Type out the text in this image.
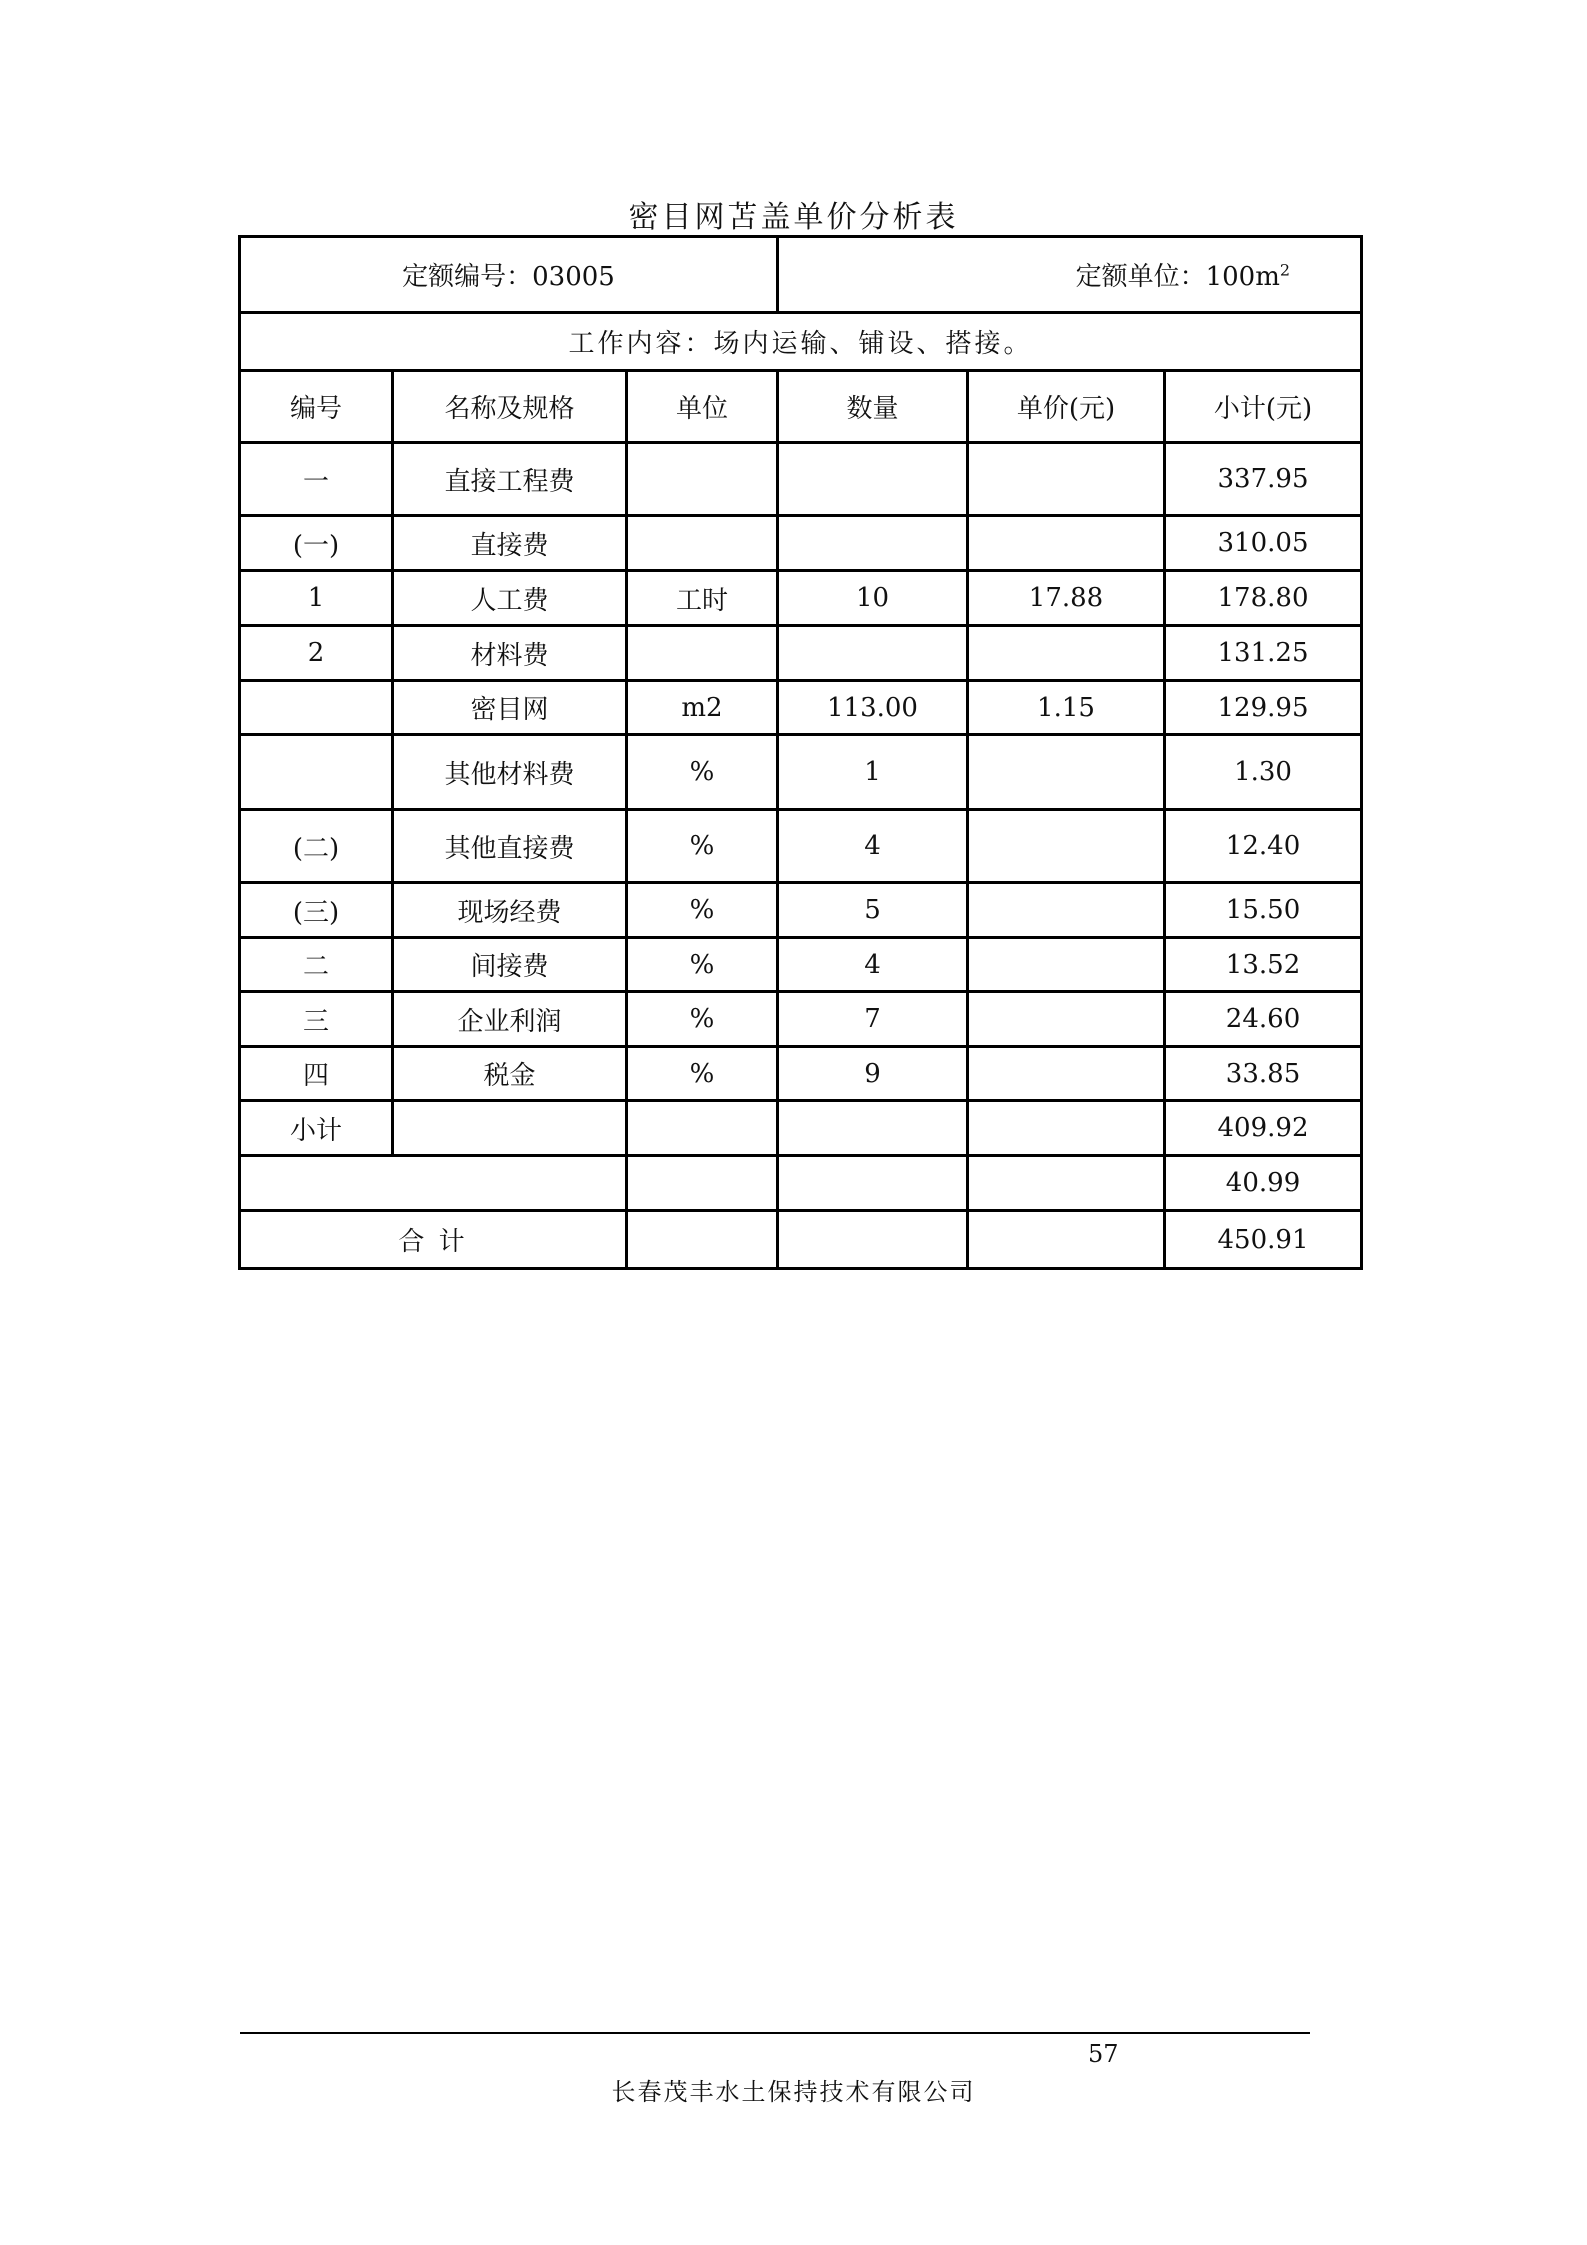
密目网苫盖单价分析表
定额编号：03005			定额单位：$100m^2$
工作内容：场内运输、铺设、搭接。					
编号	名称及规格	单位	数量	单价(元)	小计(元)
一	直接工程费				337.95
(一)	直接费				310.05
1	人工费	工时	10	17.88	178.80
2	材料费				131.25
	密目网	m2	113.00	1.15	129.95
	其他材料费	%	1		1.30
(二)	其他直接费	%	4		12.40
(三)	现场经费	%	5		15.50
二	间接费	%	4		13.52
三	企业利润	%	7		24.60
四	税金	%	9		33.85
小计					409.92
					40.99
合 计					450.91
57
长春茂丰水土保持技术有限公司
